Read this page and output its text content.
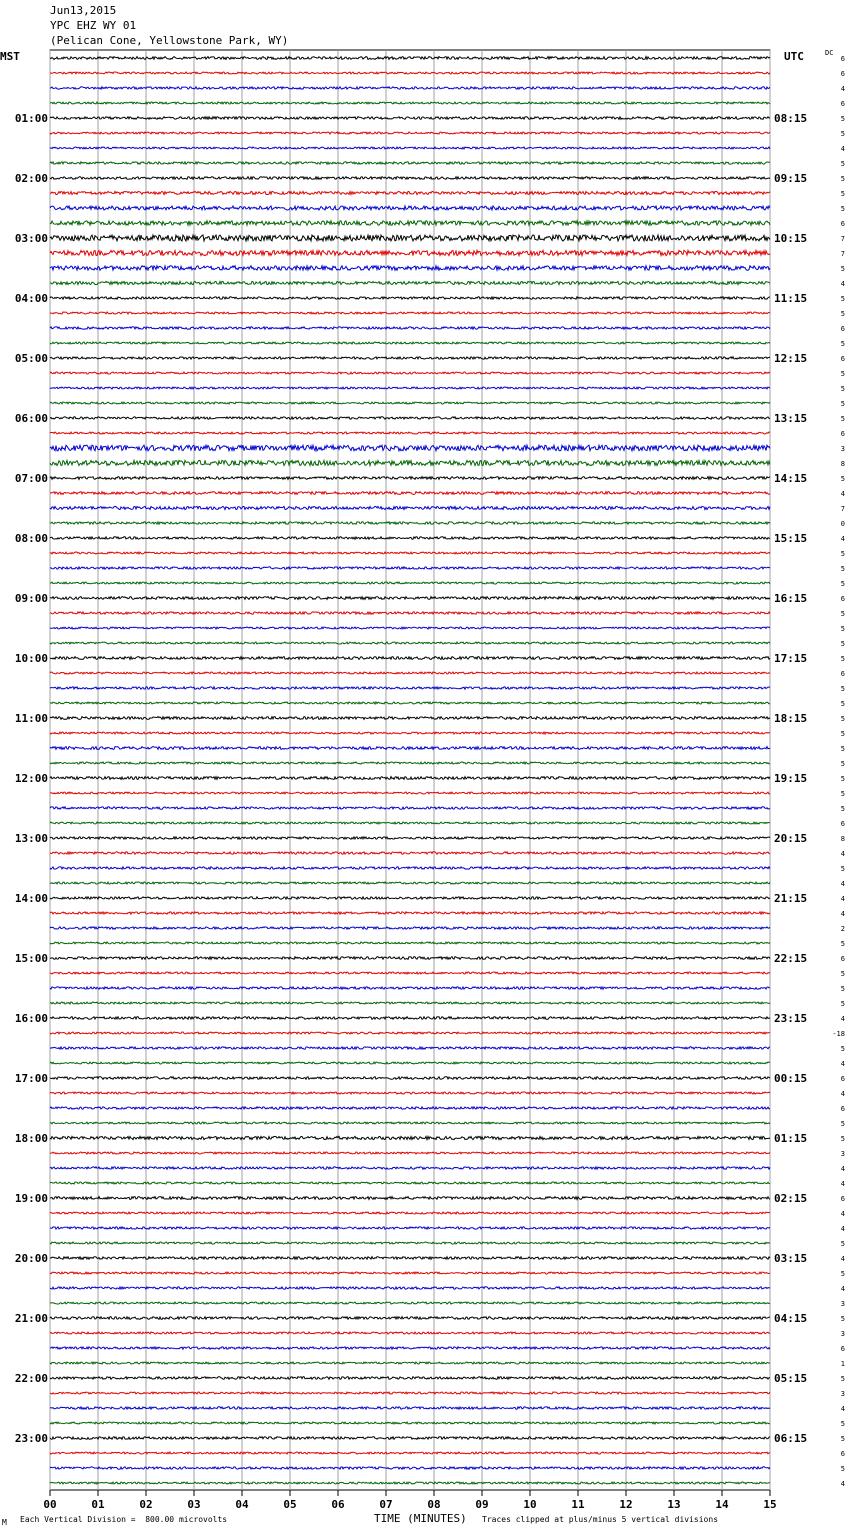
Jun13,2015
YPC EHZ WY 01
(Pelican Cone, Yellowstone Park, WY)
MST	UTC	DC
00	01	02	03	04	05	06	07	08	09	10	11	12	13	14	15
6
6
4
6
5
5
4
5
5
5
5
6
7
7
5
4
5
5
6
5
6
5
5
5
5
6
3
8
5
4
7
0
4
5
5
5
6
5
5
5
5
6
5
5
5
5
5
5
5
5
5
6
8
4
5
4
4
4
2
5
6
5
5
5
4
-18
5
4
6
4
6
5
5
3
4
4
6
4
4
5
4
5
4
3
5
3
6
1
5
3
4
5
5
6
5
4
01:00
02:00
03:00
04:00
05:00
06:00
07:00
08:00
09:00
10:00
11:00
12:00
13:00
14:00
15:00
16:00
17:00
18:00
19:00
20:00
21:00
22:00
23:00
08:15
09:15
10:15
11:15
12:15
13:15
14:15
15:15
16:15
17:15
18:15
19:15
20:15
21:15
22:15
23:15
00:15
01:15
02:15
03:15
04:15
05:15
06:15
M Each Vertical Division =  800.00 microvolts	TIME (MINUTES) Traces clipped at plus/minus 5 vertical divisions
